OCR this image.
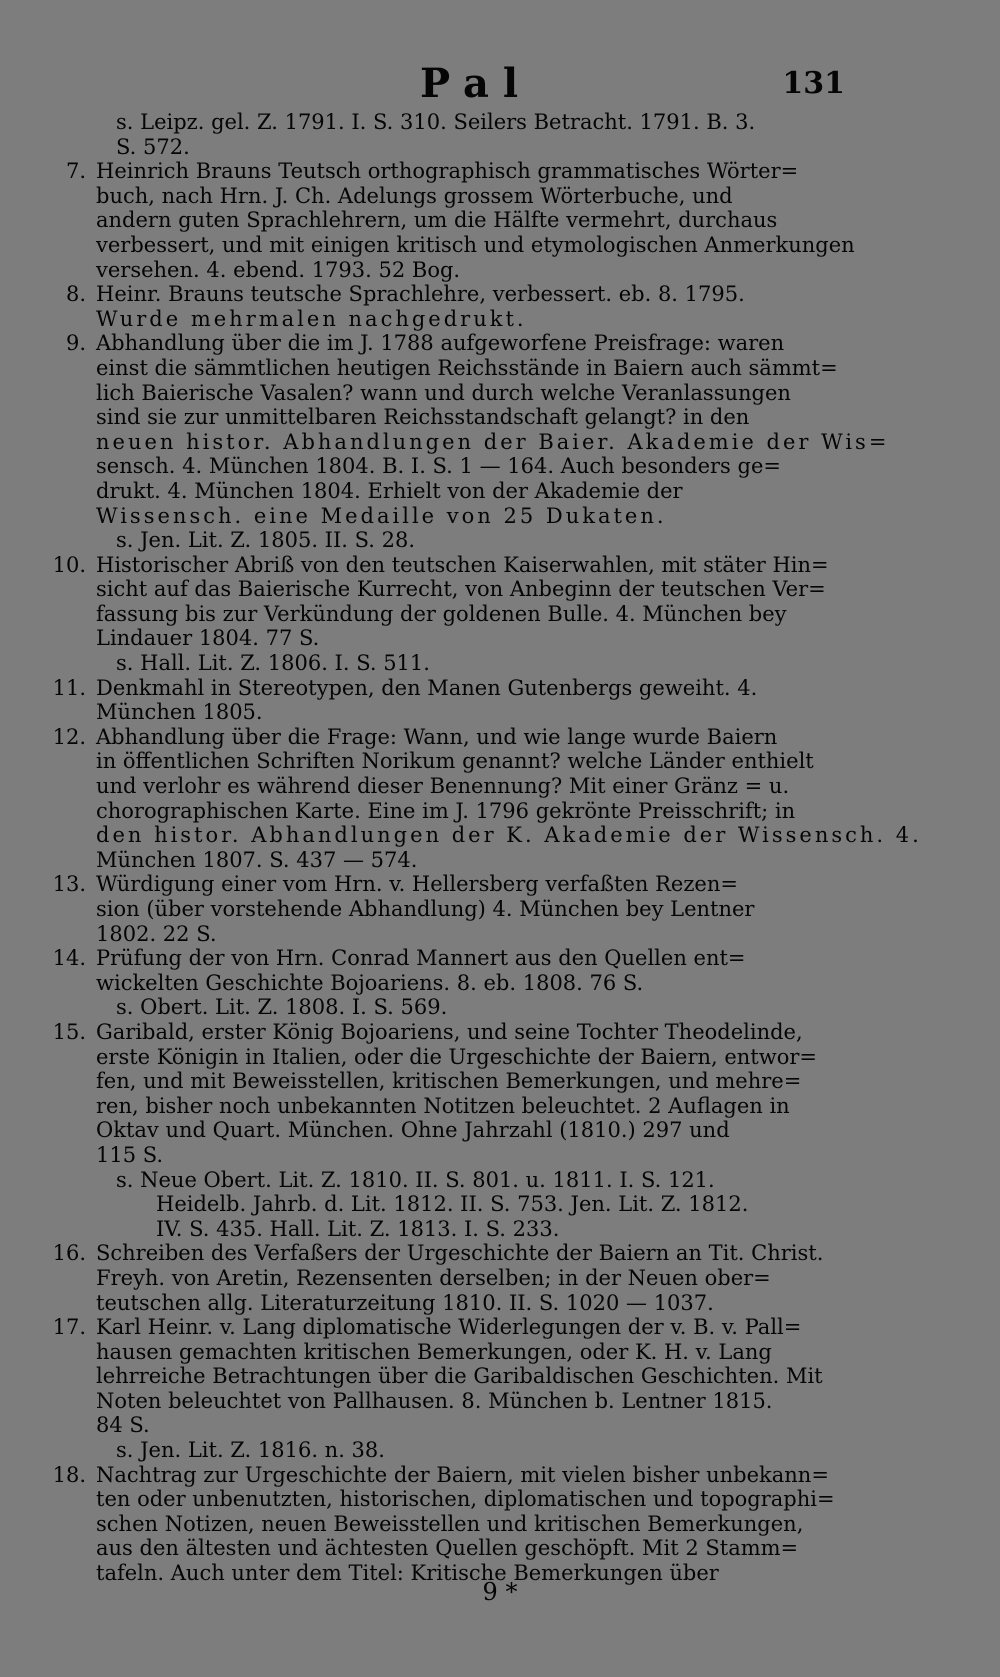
Pal	131
s. Leipz. gel. Z. 1791. I. S. 310. Seilers Betracht. 1791. B. 3.
S. 572.
7. Heinrich Brauns Teutsch orthographisch grammatisches Wörter=
buch, nach Hrn. J. Ch. Adelungs grossem Wörterbuche, und
andern guten Sprachlehrern, um die Hälfte vermehrt, durchaus
verbessert, und mit einigen kritisch und etymologischen Anmerkungen
versehen. 4. ebend. 1793. 52 Bog.
8. Heinr. Brauns teutsche Sprachlehre, verbessert. eb. 8. 1795.
Wurde mehrmalen nachgedrukt.
9. Abhandlung über die im J. 1788 aufgeworfene Preisfrage: waren
einst die sämmtlichen heutigen Reichsstände in Baiern auch sämmt=
lich Baierische Vasalen? wann und durch welche Veranlassungen
sind sie zur unmittelbaren Reichsstandschaft gelangt? in den
neuen histor. Abhandlungen der Baier. Akademie der Wis=
sensch. 4. München 1804. B. I. S. 1 — 164. Auch besonders ge=
drukt. 4. München 1804. Erhielt von der Akademie der
Wissensch. eine Medaille von 25 Dukaten.
s. Jen. Lit. Z. 1805. II. S. 28.
10. Historischer Abriß von den teutschen Kaiserwahlen, mit stäter Hin=
sicht auf das Baierische Kurrecht, von Anbeginn der teutschen Ver=
fassung bis zur Verkündung der goldenen Bulle. 4. München bey
Lindauer 1804. 77 S.
s. Hall. Lit. Z. 1806. I. S. 511.
11. Denkmahl in Stereotypen, den Manen Gutenbergs geweiht. 4.
München 1805.
12. Abhandlung über die Frage: Wann, und wie lange wurde Baiern
in öffentlichen Schriften Norikum genannt? welche Länder enthielt
und verlohr es während dieser Benennung? Mit einer Gränz = u.
chorographischen Karte. Eine im J. 1796 gekrönte Preisschrift; in
den histor. Abhandlungen der K. Akademie der Wissensch. 4.
München 1807. S. 437 — 574.
13. Würdigung einer vom Hrn. v. Hellersberg verfaßten Rezen=
sion (über vorstehende Abhandlung) 4. München bey Lentner
1802. 22 S.
14. Prüfung der von Hrn. Conrad Mannert aus den Quellen ent=
wickelten Geschichte Bojoariens. 8. eb. 1808. 76 S.
s. Obert. Lit. Z. 1808. I. S. 569.
15. Garibald, erster König Bojoariens, und seine Tochter Theodelinde,
erste Königin in Italien, oder die Urgeschichte der Baiern, entwor=
fen, und mit Beweisstellen, kritischen Bemerkungen, und mehre=
ren, bisher noch unbekannten Notitzen beleuchtet. 2 Auflagen in
Oktav und Quart. München. Ohne Jahrzahl (1810.) 297 und
115 S.
s. Neue Obert. Lit. Z. 1810. II. S. 801. u. 1811. I. S. 121.
Heidelb. Jahrb. d. Lit. 1812. II. S. 753. Jen. Lit. Z. 1812.
IV. S. 435. Hall. Lit. Z. 1813. I. S. 233.
16. Schreiben des Verfaßers der Urgeschichte der Baiern an Tit. Christ.
Freyh. von Aretin, Rezensenten derselben; in der Neuen ober=
teutschen allg. Literaturzeitung 1810. II. S. 1020 — 1037.
17. Karl Heinr. v. Lang diplomatische Widerlegungen der v. B. v. Pall=
hausen gemachten kritischen Bemerkungen, oder K. H. v. Lang
lehrreiche Betrachtungen über die Garibaldischen Geschichten. Mit
Noten beleuchtet von Pallhausen. 8. München b. Lentner 1815.
84 S.
s. Jen. Lit. Z. 1816. n. 38.
18. Nachtrag zur Urgeschichte der Baiern, mit vielen bisher unbekann=
ten oder unbenutzten, historischen, diplomatischen und topographi=
schen Notizen, neuen Beweisstellen und kritischen Bemerkungen,
aus den ältesten und ächtesten Quellen geschöpft. Mit 2 Stamm=
tafeln. Auch unter dem Titel: Kritische Bemerkungen über
9 *
